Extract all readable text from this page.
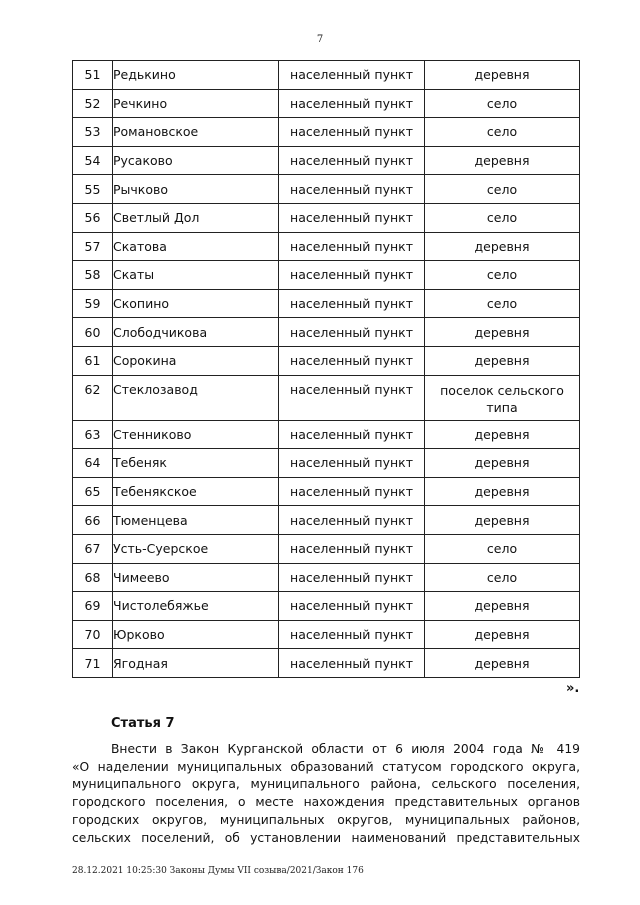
7
51	Редькино	населенный пункт	деревня
52	Речкино	населенный пункт	село
53	Романовское	населенный пункт	село
54	Русаково	населенный пункт	деревня
55	Рычково	населенный пункт	село
56	Светлый Дол	населенный пункт	село
57	Скатова	населенный пункт	деревня
58	Скаты	населенный пункт	село
59	Скопино	населенный пункт	село
60	Слободчикова	населенный пункт	деревня
61	Сорокина	населенный пункт	деревня
62	Стеклозавод	населенный пункт	поселок сельского типа
63	Стенниково	населенный пункт	деревня
64	Тебеняк	населенный пункт	деревня
65	Тебенякское	населенный пункт	деревня
66	Тюменцева	населенный пункт	деревня
67	Усть-Суерское	населенный пункт	село
68	Чимеево	населенный пункт	село
69	Чистолебяжье	населенный пункт	деревня
70	Юрково	населенный пункт	деревня
71	Ягодная	населенный пункт	деревня
».
Статья 7
Внести в Закон Курганской области от 6 июля 2004 года № 419
«О наделении муниципальных образований статусом городского округа,
муниципального округа, муниципального района, сельского поселения,
городского поселения, о месте нахождения представительных органов
городских округов, муниципальных округов, муниципальных районов,
сельских поселений, об установлении наименований представительных
28.12.2021 10:25:30 Законы Думы VII созыва/2021/Закон 176
